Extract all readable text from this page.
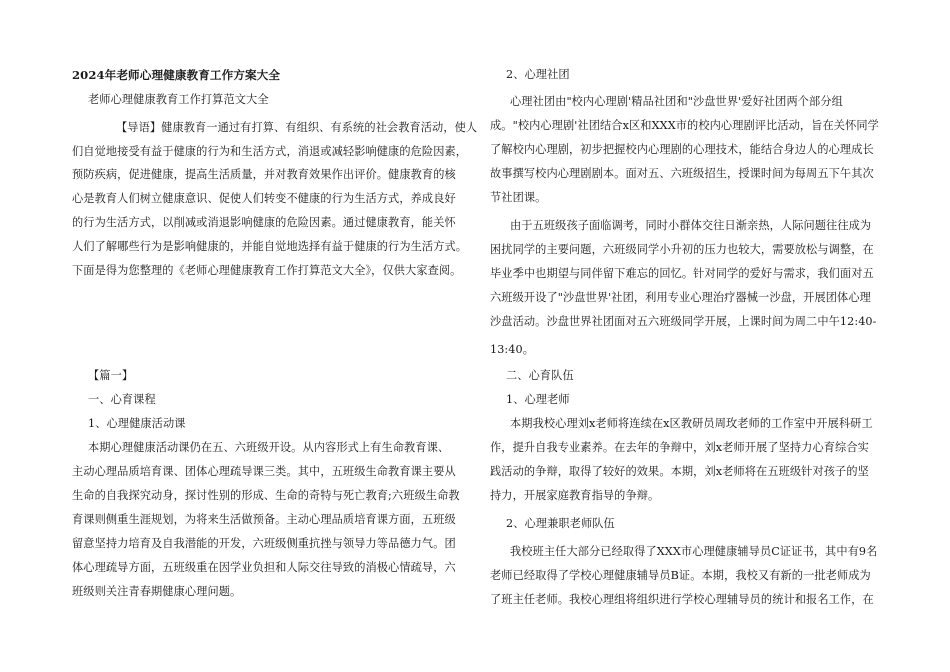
2024年老师心理健康教育工作方案大全
老师心理健康教育工作打算范文大全
【导语】健康教育一通过有打算、有组织、有系统的社会教育活动，使人
们自觉地接受有益于健康的行为和生活方式，消退或减轻影响健康的危险因素，
预防疾病，促进健康，提高生活质量，并对教育效果作出评价。健康教育的核
心是教育人们树立健康意识、促使人们转变不健康的行为生活方式，养成良好
的行为生活方式，以削减或消退影响健康的危险因素。通过健康教育，能关怀
人们了解哪些行为是影响健康的，并能自觉地选择有益于健康的行为生活方式。
下面是得为您整理的《老师心理健康教育工作打算范文大全》，仅供大家查阅。
【篇一】
一、心育课程
1、心理健康活动课
本期心理健康活动课仍在五、六班级开设。从内容形式上有生命教育课、
主动心理品质培育课、团体心理疏导课三类。其中，五班级生命教育课主要从
生命的自我探究动身，探讨性别的形成、生命的奇特与死亡教育;六班级生命教
育课则侧重生涯规划，为将来生活做预备。主动心理品质培育课方面，五班级
留意坚持力培育及自我潜能的开发，六班级侧重抗挫与领导力等品德力气。团
体心理疏导方面，五班级重在因学业负担和人际交往导致的消极心情疏导，六
班级则关注青春期健康心理问题。
2、心理社团
心理社团由"校内心理剧'精品社团和"沙盘世界'爱好社团两个部分组
成。"校内心理剧'社团结合x区和XXX市的校内心理剧评比活动，旨在关怀同学
了解校内心理剧，初步把握校内心理剧的心理技术，能结合身边人的心理成长
故事撰写校内心理剧剧本。面对五、六班级招生，授课时间为每周五下午其次
节社团课。
由于五班级孩子面临调考，同时小群体交往日渐亲热，人际问题往往成为
困扰同学的主要问题，六班级同学小升初的压力也较大，需要放松与调整，在
毕业季中也期望与同伴留下难忘的回忆。针对同学的爱好与需求，我们面对五
六班级开设了"沙盘世界'社团，利用专业心理治疗器械一沙盘，开展团体心理
沙盘活动。沙盘世界社团面对五六班级同学开展，上课时间为周二中午12:40-
13:40。
二、心育队伍
1、心理老师
本期我校心理刘x老师将连续在x区教研员周玫老师的工作室中开展科研工
作，提升自我专业素养。在去年的争辩中，刘x老师开展了坚持力心育综合实
践活动的争辩，取得了较好的效果。本期，刘x老师将在五班级针对孩子的坚
持力，开展家庭教育指导的争辩。
2、心理兼职老师队伍
我校班主任大部分已经取得了XXX市心理健康辅导员C证证书，其中有9名
老师已经取得了学校心理健康辅导员B证。本期，我校又有新的一批老师成为
了班主任老师。我校心理组将组织进行学校心理辅导员的统计和报名工作，在
